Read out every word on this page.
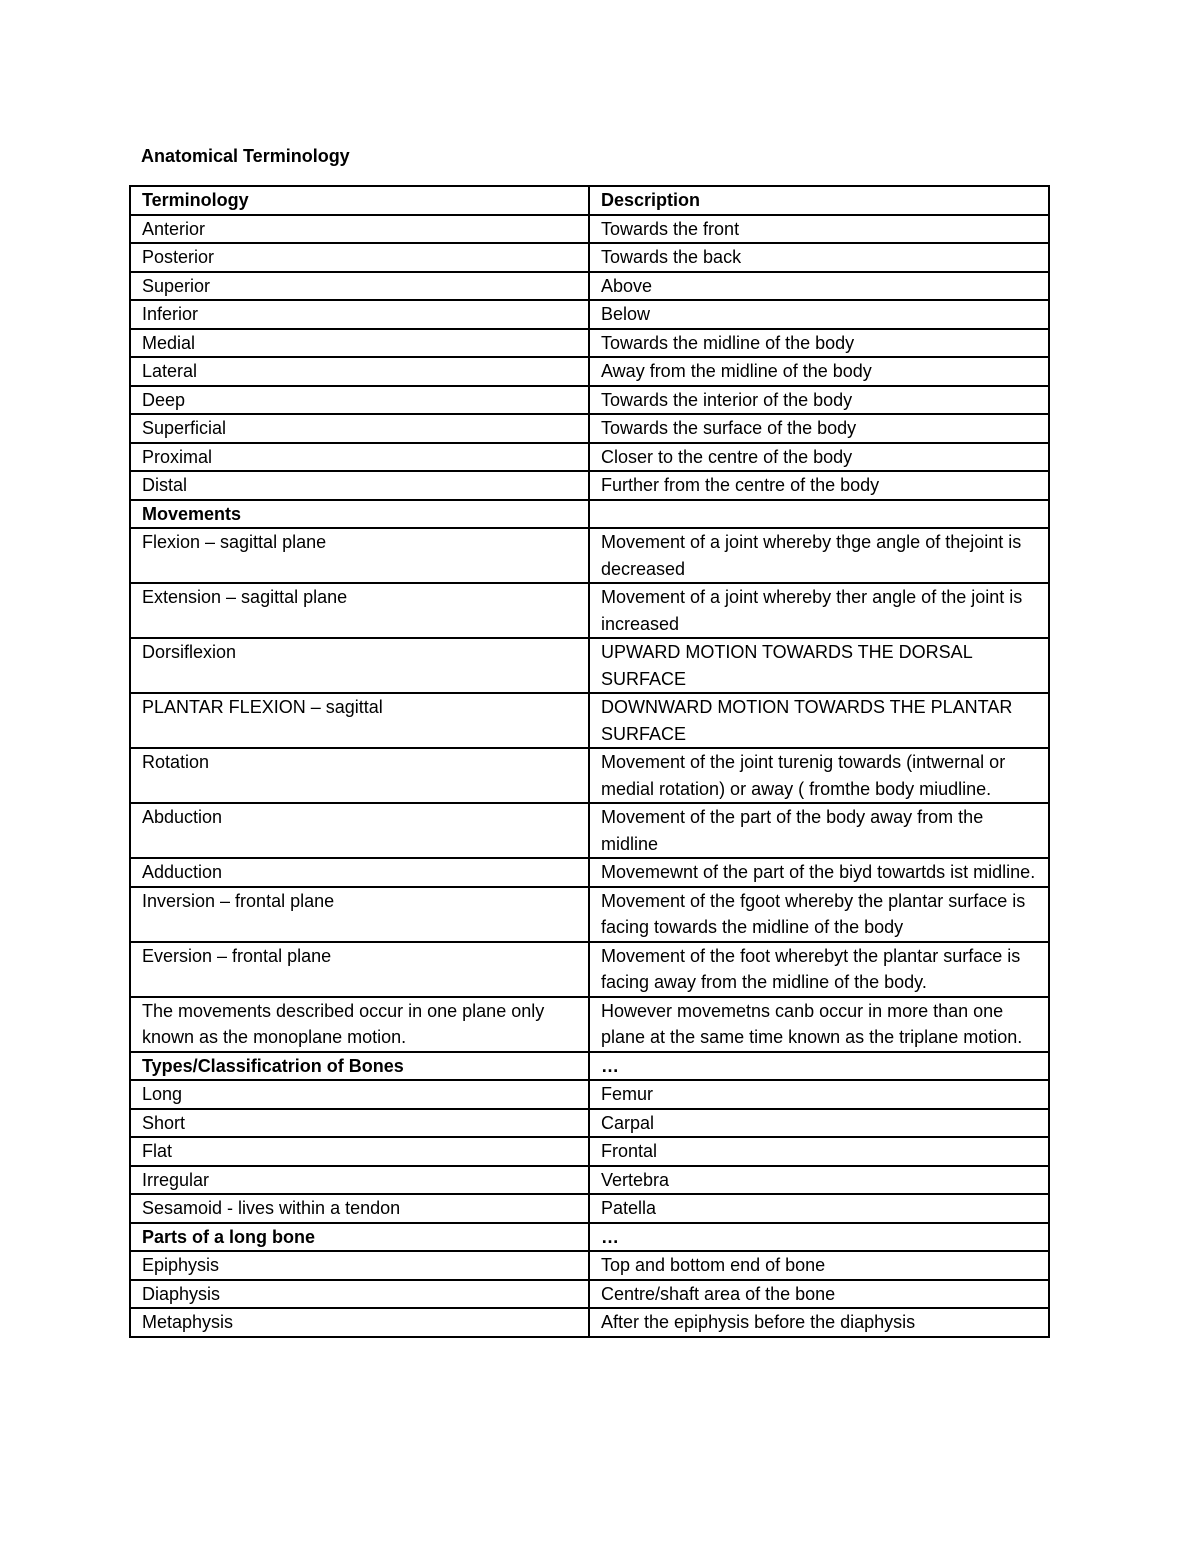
Anatomical Terminology
Terminology	Description
Anterior	Towards the front
Posterior	Towards the back
Superior	Above
Inferior	Below
Medial	Towards the midline of the body
Lateral	Away from the midline of the body
Deep	Towards the interior of the body
Superficial	Towards the surface of the body
Proximal	Closer to the centre of the body
Distal	Further from the centre of the body
Movements	
Flexion – sagittal plane	Movement of a joint whereby thge angle of thejoint is decreased
Extension – sagittal plane	Movement of a joint whereby ther angle of the joint is increased
Dorsiflexion	UPWARD MOTION TOWARDS THE DORSAL SURFACE
PLANTAR FLEXION – sagittal	DOWNWARD MOTION TOWARDS THE PLANTAR SURFACE
Rotation	Movement of the joint turenig towards (intwernal or medial rotation) or away ( fromthe body miudline.
Abduction	Movement of the part of the body away from the midline
Adduction	Movemewnt of the part of the biyd towartds ist midline.
Inversion – frontal plane	Movement of the fgoot whereby the plantar surface is facing towards the midline of the body
Eversion – frontal plane	Movement of the foot wherebyt the plantar surface is facing away from the midline of the body.
The movements described occur in one plane only known as the monoplane motion.	However movemetns canb occur in more than one plane at the same time known as the triplane motion.
Types/Classificatrion of Bones	…
Long	Femur
Short	Carpal
Flat	Frontal
Irregular	Vertebra
Sesamoid - lives within a tendon	Patella
Parts of a long bone	…
Epiphysis	Top and bottom end of bone
Diaphysis	Centre/shaft area of the bone
Metaphysis	After the epiphysis before the diaphysis
